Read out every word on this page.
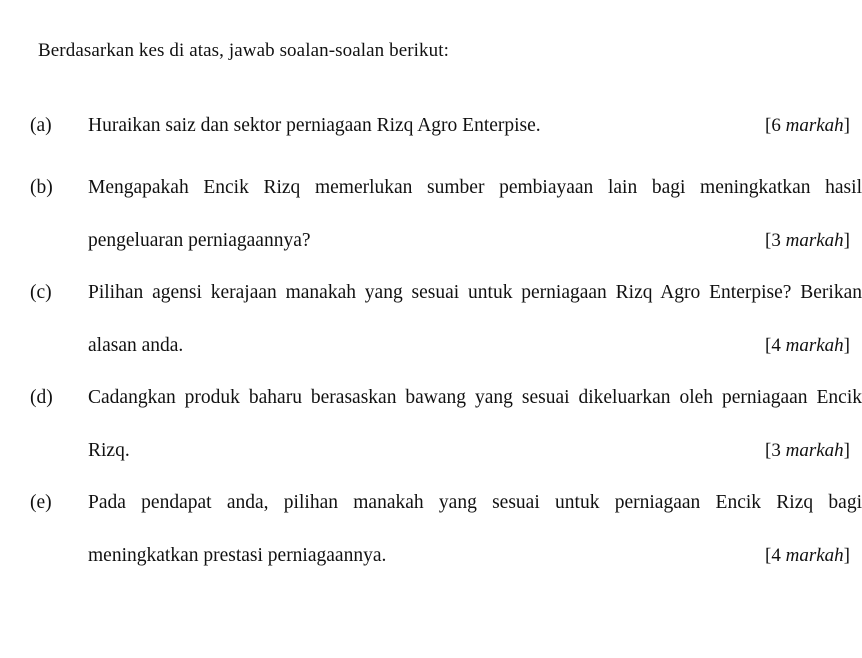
Berdasarkan kes di atas, jawab soalan-soalan berikut:
(a) Huraikan saiz dan sektor perniagaan Rizq Agro Enterpise.	[6 markah]
(b) Mengapakah Encik Rizq memerlukan sumber pembiayaan lain bagi meningkatkan hasil
pengeluaran perniagaannya?	[3 markah]
(c) Pilihan agensi kerajaan manakah yang sesuai untuk perniagaan Rizq Agro Enterpise? Berikan
alasan anda.	[4 markah]
(d) Cadangkan produk baharu berasaskan bawang yang sesuai dikeluarkan oleh perniagaan Encik
Rizq.	[3 markah]
(e) Pada pendapat anda, pilihan manakah yang sesuai untuk perniagaan Encik Rizq bagi
meningkatkan prestasi perniagaannya.	[4 markah]
